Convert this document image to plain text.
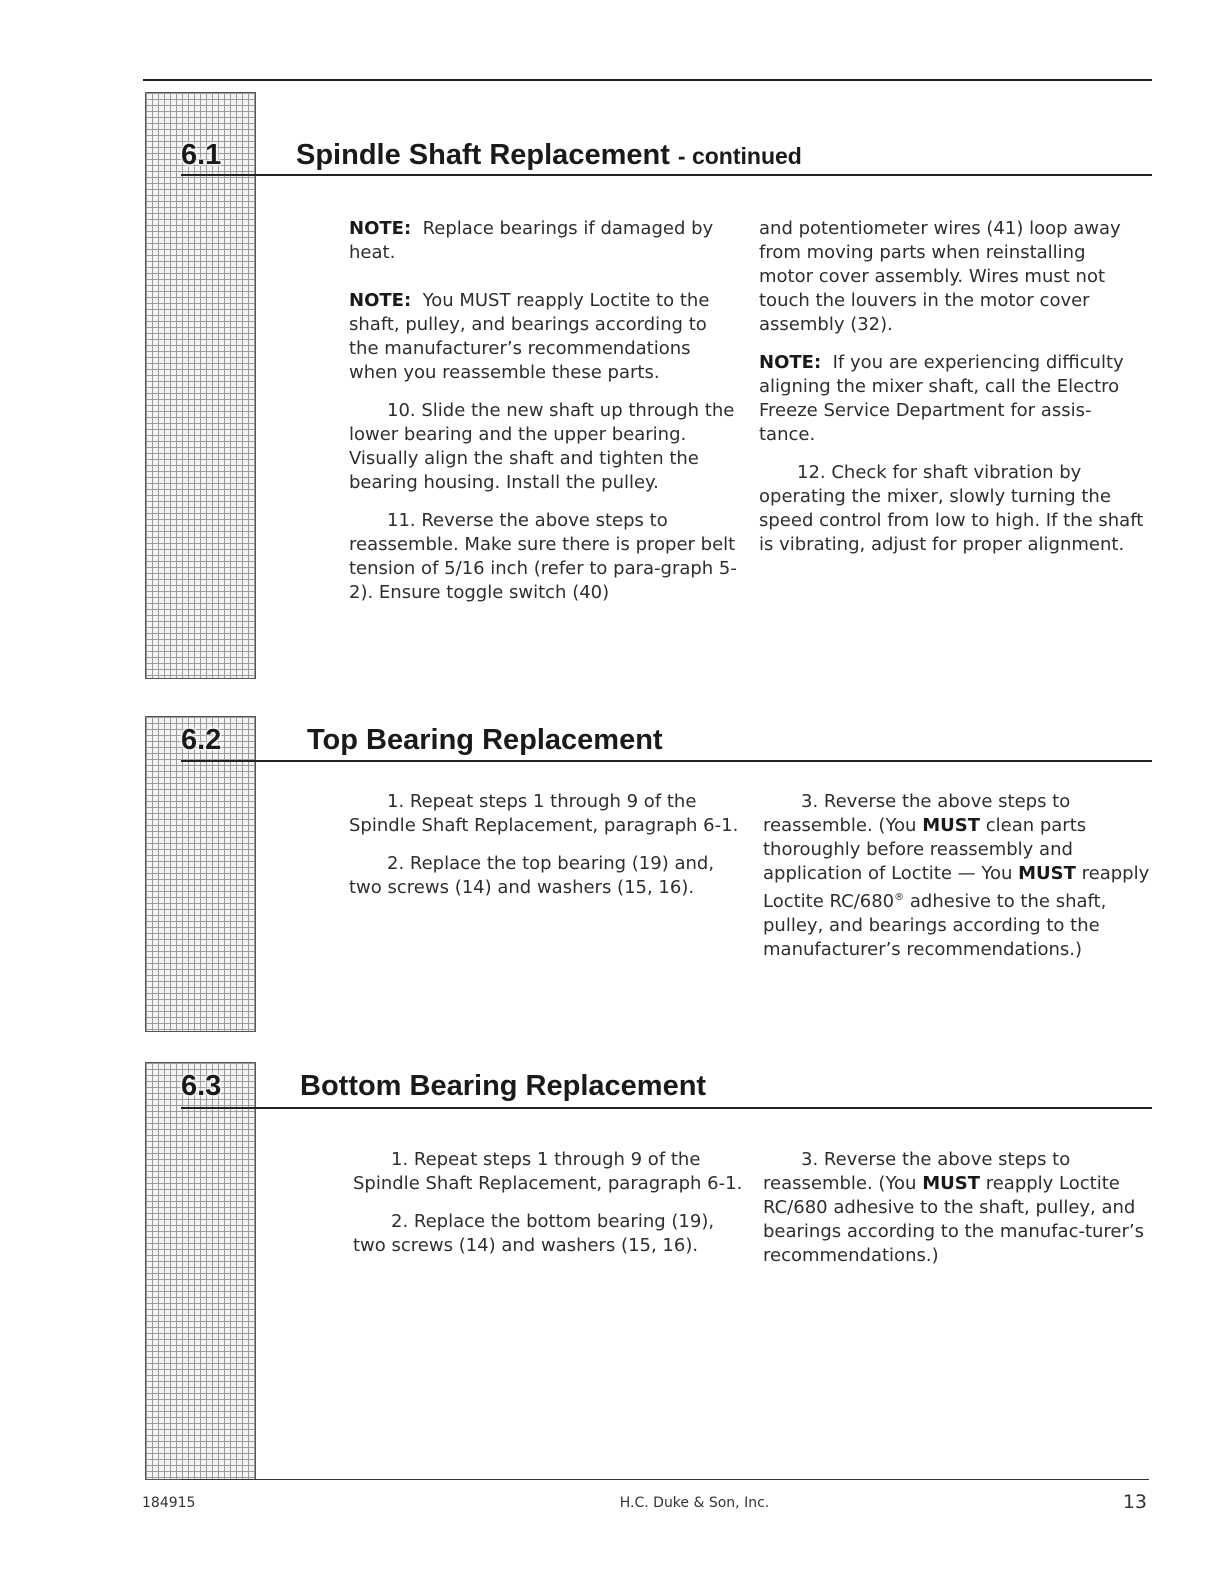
6.1	Spindle Shaft Replacement - continued

NOTE: Replace bearings if damaged by heat.

NOTE: You MUST reapply Loctite to the shaft, pulley, and bearings according to the manufacturer’s recommendations when you reassemble these parts.

10. Slide the new shaft up through the lower bearing and the upper bearing. Visually align the shaft and tighten the bearing housing. Install the pulley.

11. Reverse the above steps to reassemble. Make sure there is proper belt tension of 5/16 inch (refer to para-graph 5-2). Ensure toggle switch (40)

and potentiometer wires (41) loop away from moving parts when reinstalling motor cover assembly. Wires must not touch the louvers in the motor cover assembly (32).

NOTE: If you are experiencing difficulty aligning the mixer shaft, call the Electro Freeze Service Department for assis-tance.

12. Check for shaft vibration by operating the mixer, slowly turning the speed control from low to high. If the shaft is vibrating, adjust for proper alignment.

6.2	Top Bearing Replacement

1. Repeat steps 1 through 9 of the Spindle Shaft Replacement, paragraph 6-1.

2. Replace the top bearing (19) and, two screws (14) and washers (15, 16).

3. Reverse the above steps to reassemble. (You MUST clean parts thoroughly before reassembly and application of Loctite — You MUST reapply Loctite RC/680® adhesive to the shaft, pulley, and bearings according to the manufacturer’s recommendations.)

6.3	Bottom Bearing Replacement

1. Repeat steps 1 through 9 of the Spindle Shaft Replacement, paragraph 6-1.

2. Replace the bottom bearing (19), two screws (14) and washers (15, 16).

3. Reverse the above steps to reassemble. (You MUST reapply Loctite RC/680 adhesive to the shaft, pulley, and bearings according to the manufac-turer’s recommendations.)

184915	H.C. Duke & Son, Inc.	13
